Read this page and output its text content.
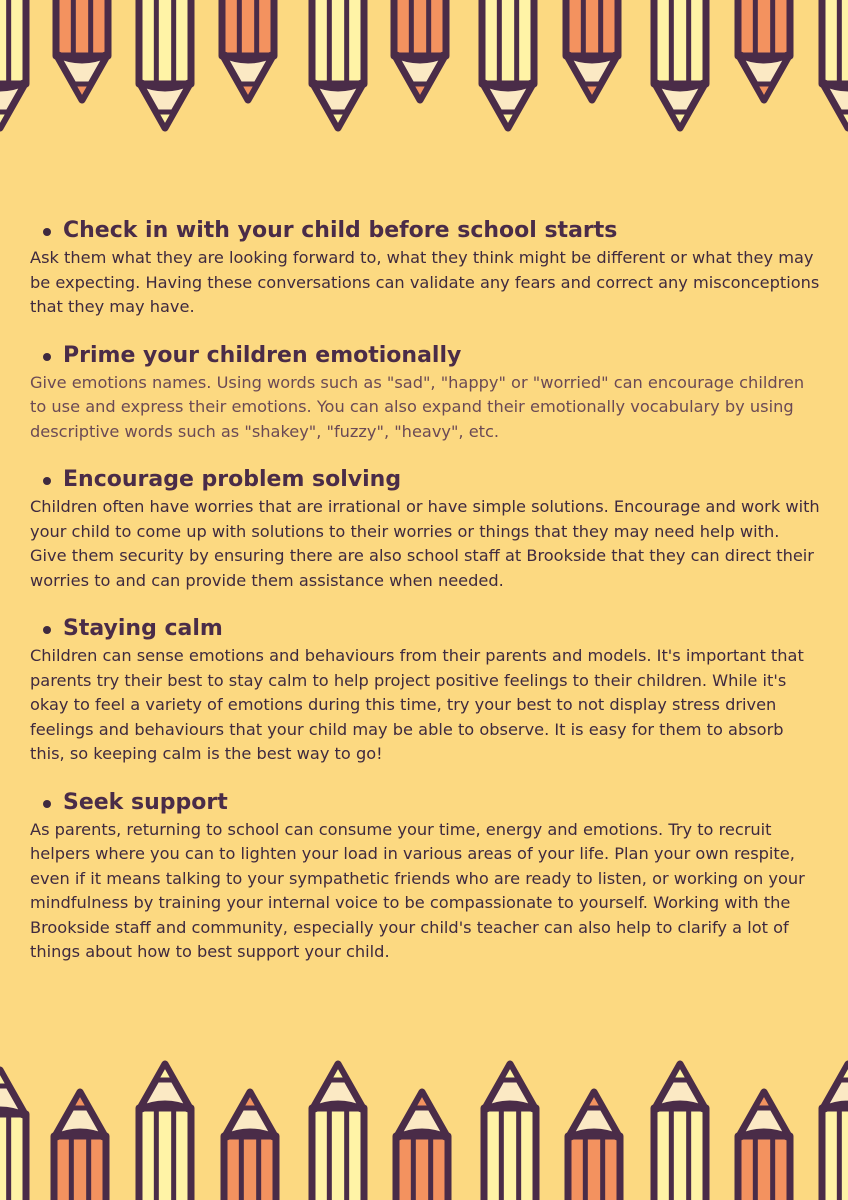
Check in with your child before school starts

Ask them what they are looking forward to, what they think might be different or what they may be expecting. Having these conversations can validate any fears and correct any misconceptions that they may have.

Prime your children emotionally

Give emotions names. Using words such as "sad", "happy" or "worried" can encourage children to use and express their emotions. You can also expand their emotionally vocabulary by using descriptive words such as "shakey", "fuzzy", "heavy", etc.

Encourage problem solving

Children often have worries that are irrational or have simple solutions. Encourage and work with your child to come up with solutions to their worries or things that they may need help with. Give them security by ensuring there are also school staff at Brookside that they can direct their worries to and can provide them assistance when needed.

Staying calm

Children can sense emotions and behaviours from their parents and models. It's important that parents try their best to stay calm to help project positive feelings to their children. While it's okay to feel a variety of emotions during this time, try your best to not display stress driven feelings and behaviours that your child may be able to observe. It is easy for them to absorb this, so keeping calm is the best way to go!

Seek support

As parents, returning to school can consume your time, energy and emotions. Try to recruit helpers where you can to lighten your load in various areas of your life. Plan your own respite, even if it means talking to your sympathetic friends who are ready to listen, or working on your mindfulness by training your internal voice to be compassionate to yourself. Working with the Brookside staff and community, especially your child's teacher can also help to clarify a lot of things about how to best support your child.
